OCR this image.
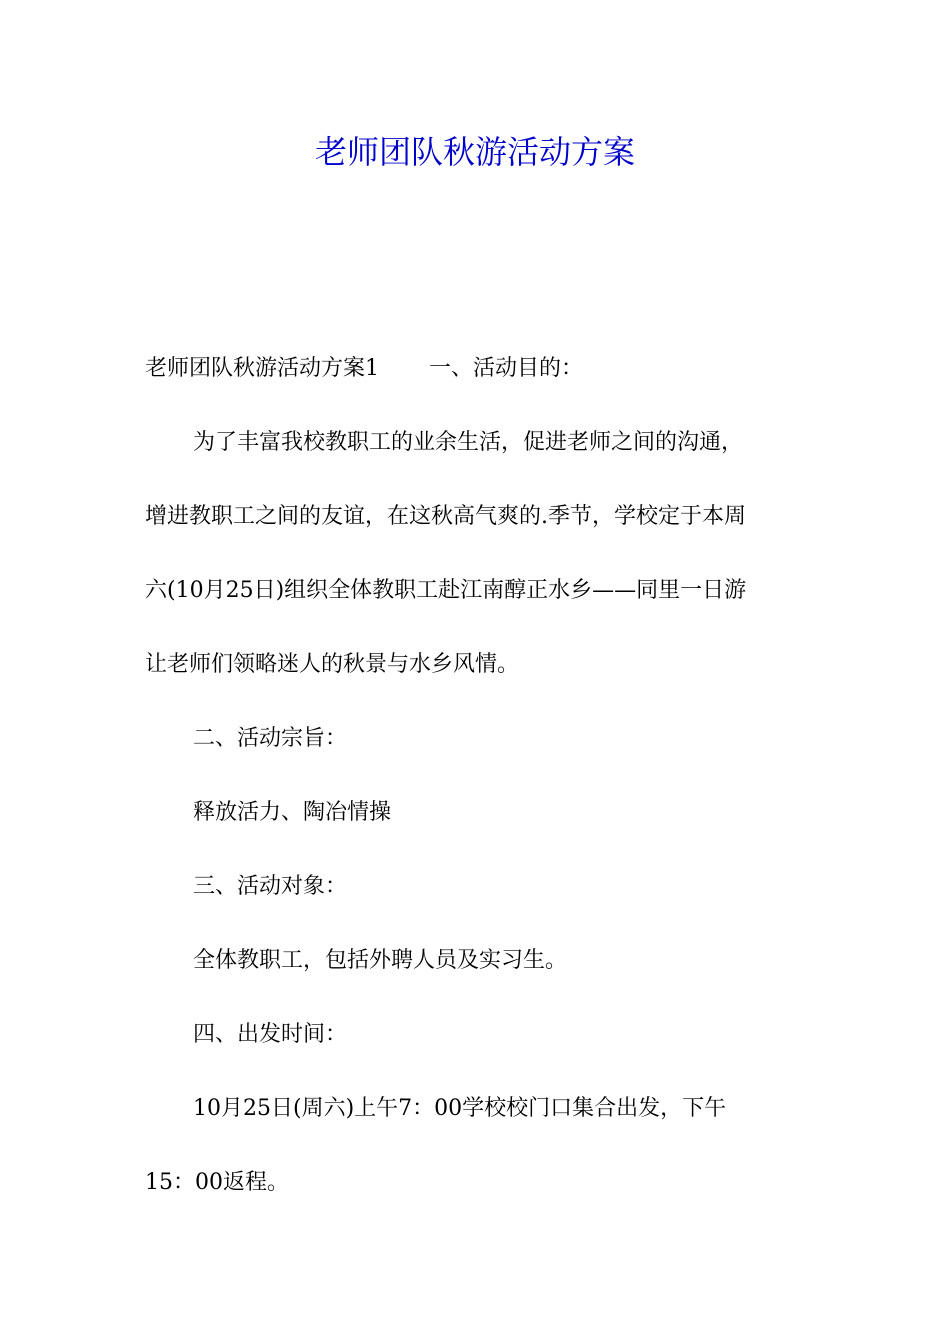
老师团队秋游活动方案
老师团队秋游活动方案1 一、活动目的：
为了丰富我校教职工的业余生活，促进老师之间的沟通，
增进教职工之间的友谊，在这秋高气爽的.季节，学校定于本周
六(10月25日)组织全体教职工赴江南醇正水乡——同里一日游
让老师们领略迷人的秋景与水乡风情。
二、活动宗旨：
释放活力、陶冶情操
三、活动对象：
全体教职工，包括外聘人员及实习生。
四、出发时间：
10月25日(周六)上午7：00学校校门口集合出发，下午
15：00返程。
